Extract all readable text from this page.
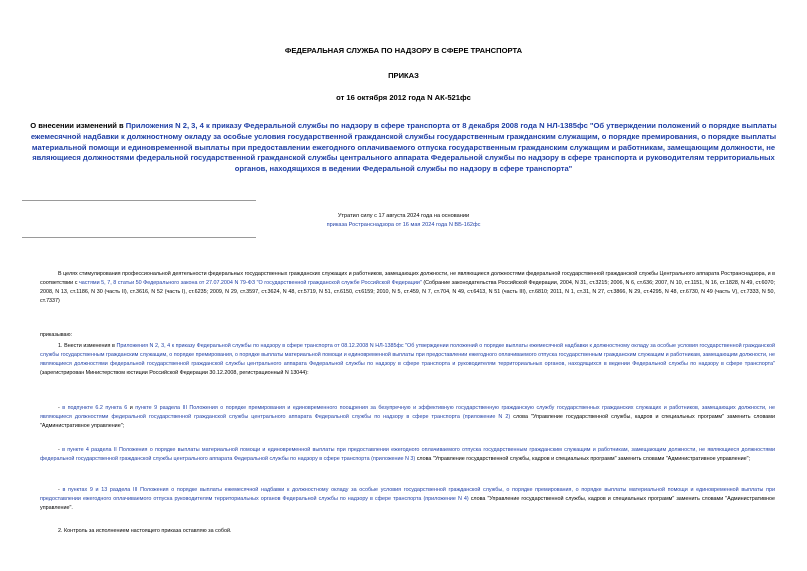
ФЕДЕРАЛЬНАЯ СЛУЖБА ПО НАДЗОРУ В СФЕРЕ ТРАНСПОРТА
ПРИКАЗ
от 16 октября 2012 года N АК-521фс
О внесении изменений в Приложения N 2, 3, 4 к приказу Федеральной службы по надзору в сфере транспорта от 8 декабря 2008 года N НЛ-1385фс "Об утверждении положений о порядке выплаты ежемесячной надбавки к должностному окладу за особые условия государственной гражданской службы государственным гражданским служащим, о порядке премирования, о порядке выплаты материальной помощи и единовременной выплаты при предоставлении ежегодного оплачиваемого отпуска государственным гражданским служащим и работникам, замещающим должности, не являющиеся должностями федеральной государственной гражданской службы центрального аппарата Федеральной службы по надзору в сфере транспорта и руководителям территориальных органов, находящихся в ведении Федеральной службы по надзору в сфере транспорта"
Утратил силу с 17 августа 2024 года на основании
приказа Ространснадзора от 16 мая 2024 года N ВБ-162фс
В целях стимулирования профессиональной деятельности федеральных государственных гражданских служащих и работников, замещающих должности, не являющиеся должностями федеральной государственной гражданской службы Центрального аппарата Ространснадзора, и в соответствии с частями 5, 7, 8 статьи 50 Федерального закона от 27.07.2004 N 79-ФЗ "О государственной гражданской службе Российской Федерации" (Собрание законодательства Российской Федерации, 2004, N 31, ст.3215; 2006, N 6, ст.636; 2007, N 10, ст.1151, N 16, ст.1828, N 49, ст.6070; 2008, N 13, ст.1186, N 30 (часть II), ст.3616, N 52 (часть I), ст.6235; 2009, N 29, ст.3597, ст.3624, N 48, ст.5719, N 51, ст.6150, ст.6159; 2010, N 5, ст.459, N 7, ст.704, N 49, ст.6413, N 51 (часть III), ст.6810; 2011, N 1, ст.31, N 27, ст.3866, N 29, ст.4295, N 48, ст.6730, N 49 (часть V), ст.7333, N 50, ст.7337)
приказываю:
1. Внести изменения в Приложения N 2, 3, 4 к приказу Федеральной службы по надзору в сфере транспорта от 08.12.2008 N НЛ-1385фс "Об утверждении положений о порядке выплаты ежемесячной надбавки к должностному окладу за особые условия государственной гражданской службы государственным гражданским служащим, о порядке премирования, о порядке выплаты материальной помощи и единовременной выплаты при предоставлении ежегодного оплачиваемого отпуска государственным гражданским служащим и работникам, замещающим должности, не являющиеся должностями федеральной государственной гражданской службы центрального аппарата Федеральной службы по надзору в сфере транспорта и руководителям территориальных органов, находящихся в ведении Федеральной службы по надзору в сфере транспорта" (зарегистрирован Министерством юстиции Российской Федерации 30.12.2008, регистрационный N 13044):
- в подпункте 6.2 пункта 6 и пункте 9 раздела III Положения о порядке премирования и единовременного поощрения за безупречную и эффективную государственную гражданскую службу государственных гражданских служащих и работников, замещающих должности, не являющиеся должностями федеральной государственной гражданской службы центрального аппарата Федеральной службы по надзору в сфере транспорта (приложение N 2) слова "Управление государственной службы, кадров и специальных программ" заменить словами "Административное управление";
- в пункте 4 раздела II Положения о порядке выплаты материальной помощи и единовременной выплаты при предоставлении ежегодного оплачиваемого отпуска государственным гражданским служащим и работникам, замещающим должности, не являющиеся должностями федеральной государственной гражданской службы центрального аппарата Федеральной службы по надзору в сфере транспорта (приложение N 3) слова "Управление государственной службы, кадров и специальных программ" заменить словами "Административное управление";
- в пунктах 9 и 13 раздела III Положения о порядке выплаты ежемесячной надбавки к должностному окладу за особые условия государственной гражданской службы, о порядке премирования, о порядке выплаты материальной помощи и единовременной выплаты при предоставлении ежегодного оплачиваемого отпуска руководителям территориальных органов Федеральной службы по надзору в сфере транспорта (приложение N 4) слова "Управление государственной службы, кадров и специальных программ" заменить словами "Административное управление".
2. Контроль за исполнением настоящего приказа оставляю за собой.
